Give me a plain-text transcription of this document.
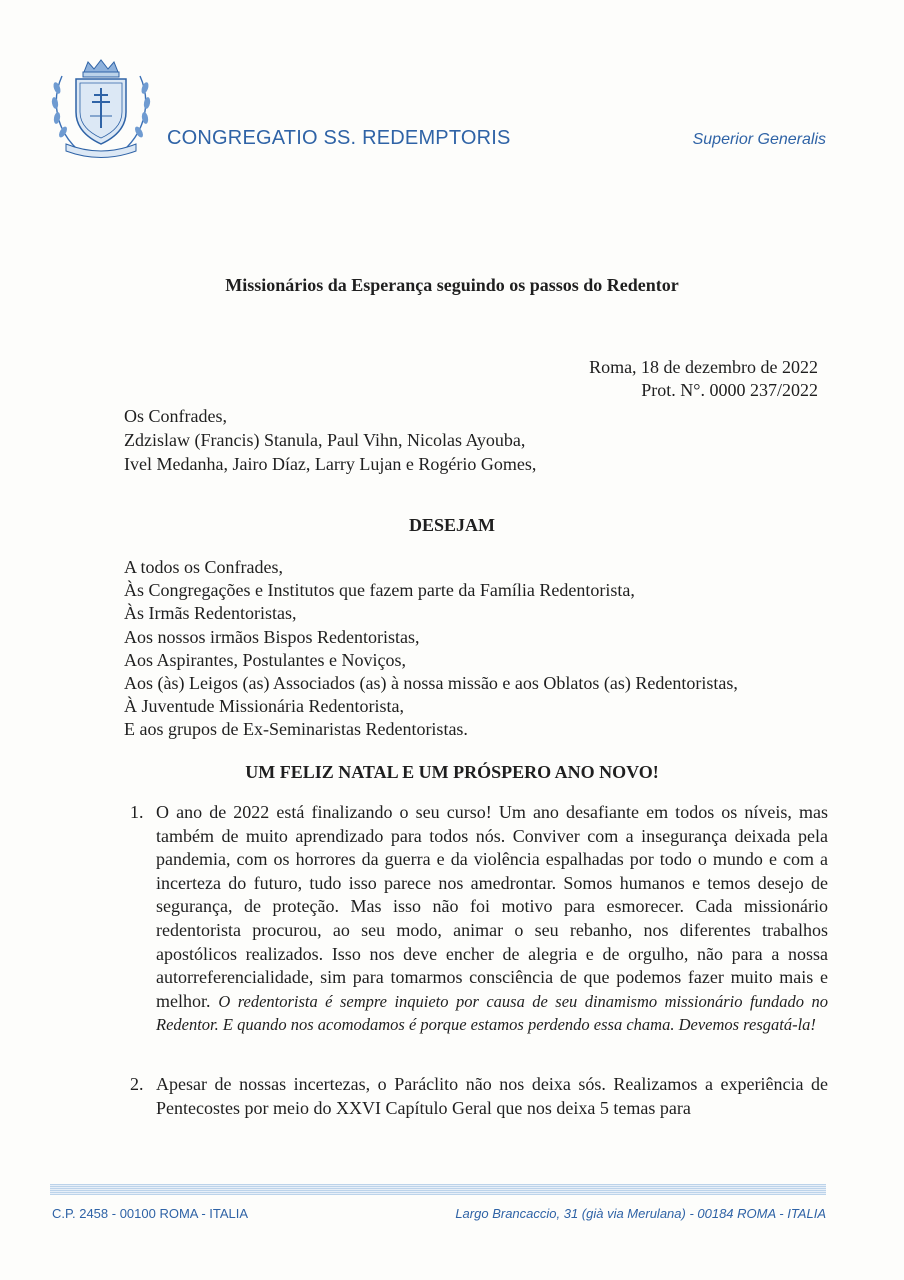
CONGREGATIO SS. REDEMPTORIS	Superior Generalis
Missionários da Esperança seguindo os passos do Redentor
Roma, 18 de dezembro de 2022
Prot. N°. 0000 237/2022
Os Confrades,
Zdzislaw (Francis) Stanula, Paul Vihn, Nicolas Ayouba,
Ivel Medanha, Jairo Díaz, Larry Lujan e Rogério Gomes,
DESEJAM
A todos os Confrades,
Às Congregações e Institutos que fazem parte da Família Redentorista,
Às Irmãs Redentoristas,
Aos nossos irmãos Bispos Redentoristas,
Aos Aspirantes, Postulantes e Noviços,
Aos (às) Leigos (as) Associados (as) à nossa missão e aos Oblatos (as) Redentoristas,
À Juventude Missionária Redentorista,
E aos grupos de Ex-Seminaristas Redentoristas.
UM FELIZ NATAL E UM PRÓSPERO ANO NOVO!
1. O ano de 2022 está finalizando o seu curso! Um ano desafiante em todos os níveis, mas também de muito aprendizado para todos nós. Conviver com a insegurança deixada pela pandemia, com os horrores da guerra e da violência espalhadas por todo o mundo e com a incerteza do futuro, tudo isso parece nos amedrontar. Somos humanos e temos desejo de segurança, de proteção. Mas isso não foi motivo para esmorecer. Cada missionário redentorista procurou, ao seu modo, animar o seu rebanho, nos diferentes trabalhos apostólicos realizados. Isso nos deve encher de alegria e de orgulho, não para a nossa autorreferencialidade, sim para tomarmos consciência de que podemos fazer muito mais e melhor. O redentorista é sempre inquieto por causa de seu dinamismo missionário fundado no Redentor. E quando nos acomodamos é porque estamos perdendo essa chama. Devemos resgatá-la!
2. Apesar de nossas incertezas, o Paráclito não nos deixa sós. Realizamos a experiência de Pentecostes por meio do XXVI Capítulo Geral que nos deixa 5 temas para
C.P. 2458 - 00100 ROMA - ITALIA	Largo Brancaccio, 31 (già via Merulana) - 00184 ROMA - ITALIA
